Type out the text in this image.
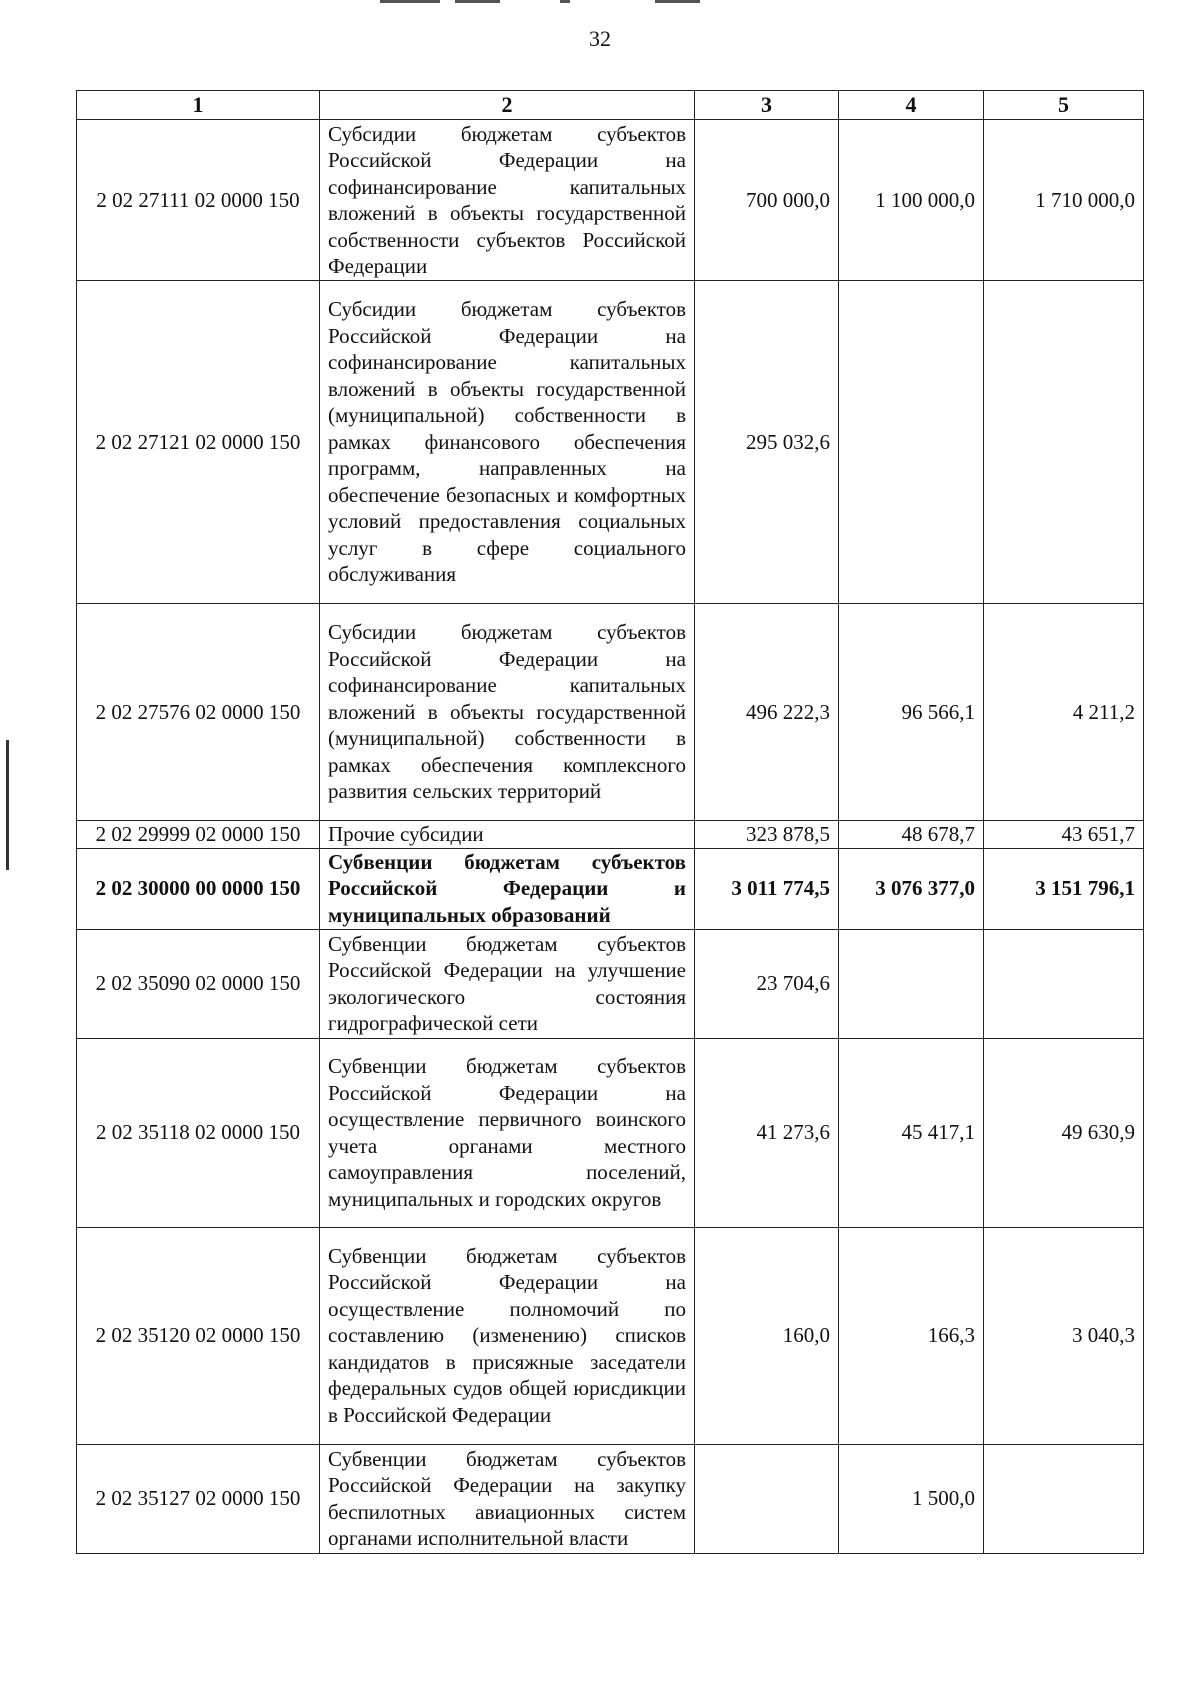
32
1	2	3	4	5
2 02 27111 02 0000 150	Субсидии бюджетам субъектов Российской Федерации на софинансирование капитальных вложений в объекты государственной собственности субъектов Российской Федерации	700 000,0	1 100 000,0	1 710 000,0
2 02 27121 02 0000 150	Субсидии бюджетам субъектов Российской Федерации на софинансирование капитальных вложений в объекты государственной (муниципальной) собственности в рамках финансового обеспечения программ, направленных на обеспечение безопасных и комфортных условий предоставления социальных услуг в сфере социального обслуживания	295 032,6		
2 02 27576 02 0000 150	Субсидии бюджетам субъектов Российской Федерации на софинансирование капитальных вложений в объекты государственной (муниципальной) собственности в рамках обеспечения комплексного развития сельских территорий	496 222,3	96 566,1	4 211,2
2 02 29999 02 0000 150	Прочие субсидии	323 878,5	48 678,7	43 651,7
2 02 30000 00 0000 150	Субвенции бюджетам субъектов Российской Федерации и муниципальных образований	3 011 774,5	3 076 377,0	3 151 796,1
2 02 35090 02 0000 150	Субвенции бюджетам субъектов Российской Федерации на улучшение экологического состояния гидрографической сети	23 704,6		
2 02 35118 02 0000 150	Субвенции бюджетам субъектов Российской Федерации на осуществление первичного воинского учета органами местного самоуправления поселений, муниципальных и городских округов	41 273,6	45 417,1	49 630,9
2 02 35120 02 0000 150	Субвенции бюджетам субъектов Российской Федерации на осуществление полномочий по составлению (изменению) списков кандидатов в присяжные заседатели федеральных судов общей юрисдикции в Российской Федерации	160,0	166,3	3 040,3
2 02 35127 02 0000 150	Субвенции бюджетам субъектов Российской Федерации на закупку беспилотных авиационных систем органами исполнительной власти		1 500,0	
